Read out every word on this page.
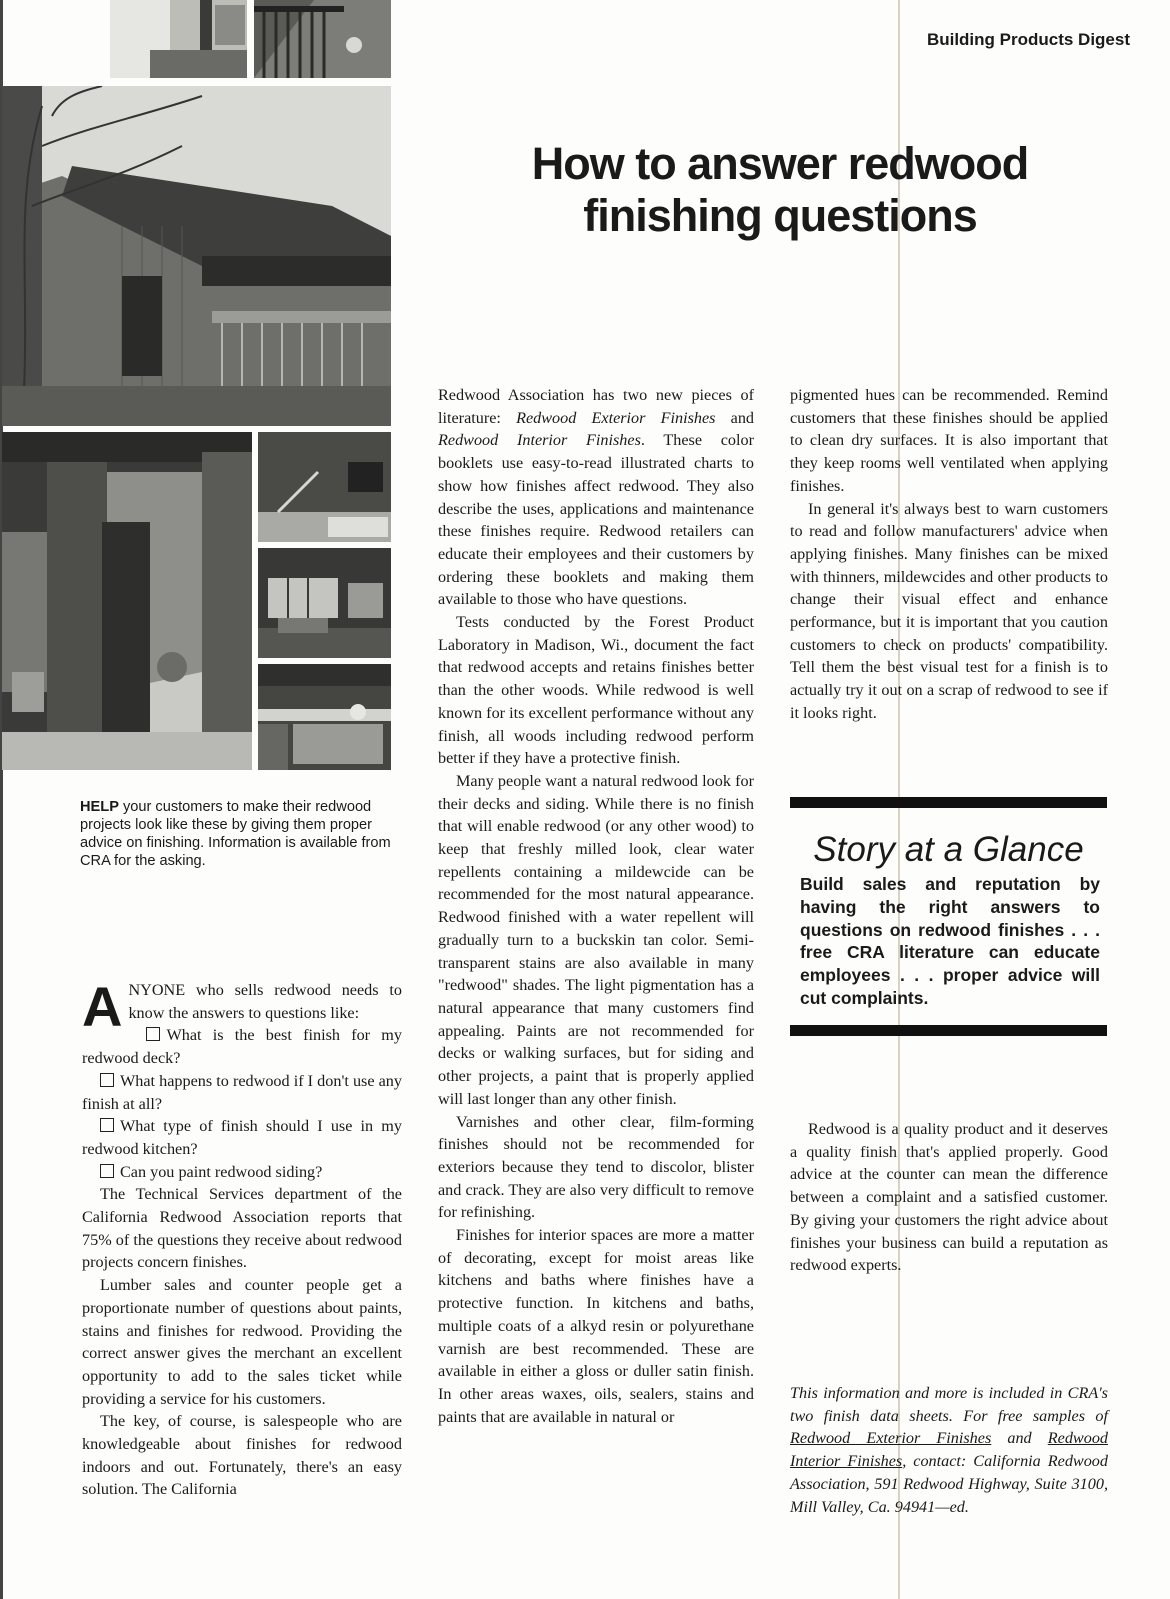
Building Products Digest
How to answer redwood finishing questions
HELP your customers to make their redwood projects look like these by giving them proper advice on finishing. Information is available from CRA for the asking.

ANYONE who sells redwood needs to know the answers to questions like:

What is the best finish for my redwood deck?

What happens to redwood if I don't use any finish at all?

What type of finish should I use in my redwood kitchen?

Can you paint redwood siding?

The Technical Services department of the California Redwood Association reports that 75% of the questions they receive about redwood projects concern finishes.

Lumber sales and counter people get a proportionate number of questions about paints, stains and finishes for redwood. Providing the correct answer gives the merchant an excellent opportunity to add to the sales ticket while providing a service for his customers.

The key, of course, is salespeople who are knowledgeable about finishes for redwood indoors and out. Fortunately, there's an easy solution. The California

Redwood Association has two new pieces of literature: Redwood Exterior Finishes and Redwood Interior Finishes. These color booklets use easy-to-read illustrated charts to show how finishes affect redwood. They also describe the uses, applications and maintenance these finishes require. Redwood retailers can educate their employees and their customers by ordering these booklets and making them available to those who have questions.

Tests conducted by the Forest Product Laboratory in Madison, Wi., document the fact that redwood accepts and retains finishes better than the other woods. While redwood is well known for its excellent performance without any finish, all woods including redwood perform better if they have a protective finish.

Many people want a natural redwood look for their decks and siding. While there is no finish that will enable redwood (or any other wood) to keep that freshly milled look, clear water repellents containing a mildewcide can be recommended for the most natural appearance. Redwood finished with a water repellent will gradually turn to a buckskin tan color. Semi-transparent stains are also available in many "redwood" shades. The light pigmentation has a natural appearance that many customers find appealing. Paints are not recommended for decks or walking surfaces, but for siding and other projects, a paint that is properly applied will last longer than any other finish.

Varnishes and other clear, film-forming finishes should not be recommended for exteriors because they tend to discolor, blister and crack. They are also very difficult to remove for refinishing.

Finishes for interior spaces are more a matter of decorating, except for moist areas like kitchens and baths where finishes have a protective function. In kitchens and baths, multiple coats of a alkyd resin or polyurethane varnish are best recommended. These are available in either a gloss or duller satin finish. In other areas waxes, oils, sealers, stains and paints that are available in natural or

pigmented hues can be recommended. Remind customers that these finishes should be applied to clean dry surfaces. It is also important that they keep rooms well ventilated when applying finishes.

In general it's always best to warn customers to read and follow manufacturers' advice when applying finishes. Many finishes can be mixed with thinners, mildewcides and other products to change their visual effect and enhance performance, but it is important that you caution customers to check on products' compatibility. Tell them the best visual test for a finish is to actually try it out on a scrap of redwood to see if it looks right.

Story at a Glance
Build sales and reputation by having the right answers to questions on redwood finishes . . . free CRA literature can educate employees . . . proper advice will cut complaints.

Redwood is a quality product and it deserves a quality finish that's applied properly. Good advice at the counter can mean the difference between a complaint and a satisfied customer. By giving your customers the right advice about finishes your business can build a reputation as redwood experts.

This information and more is included in CRA's two finish data sheets. For free samples of Redwood Exterior Finishes and Redwood Interior Finishes, contact: California Redwood Association, 591 Redwood Highway, Suite 3100, Mill Valley, Ca. 94941—ed.
